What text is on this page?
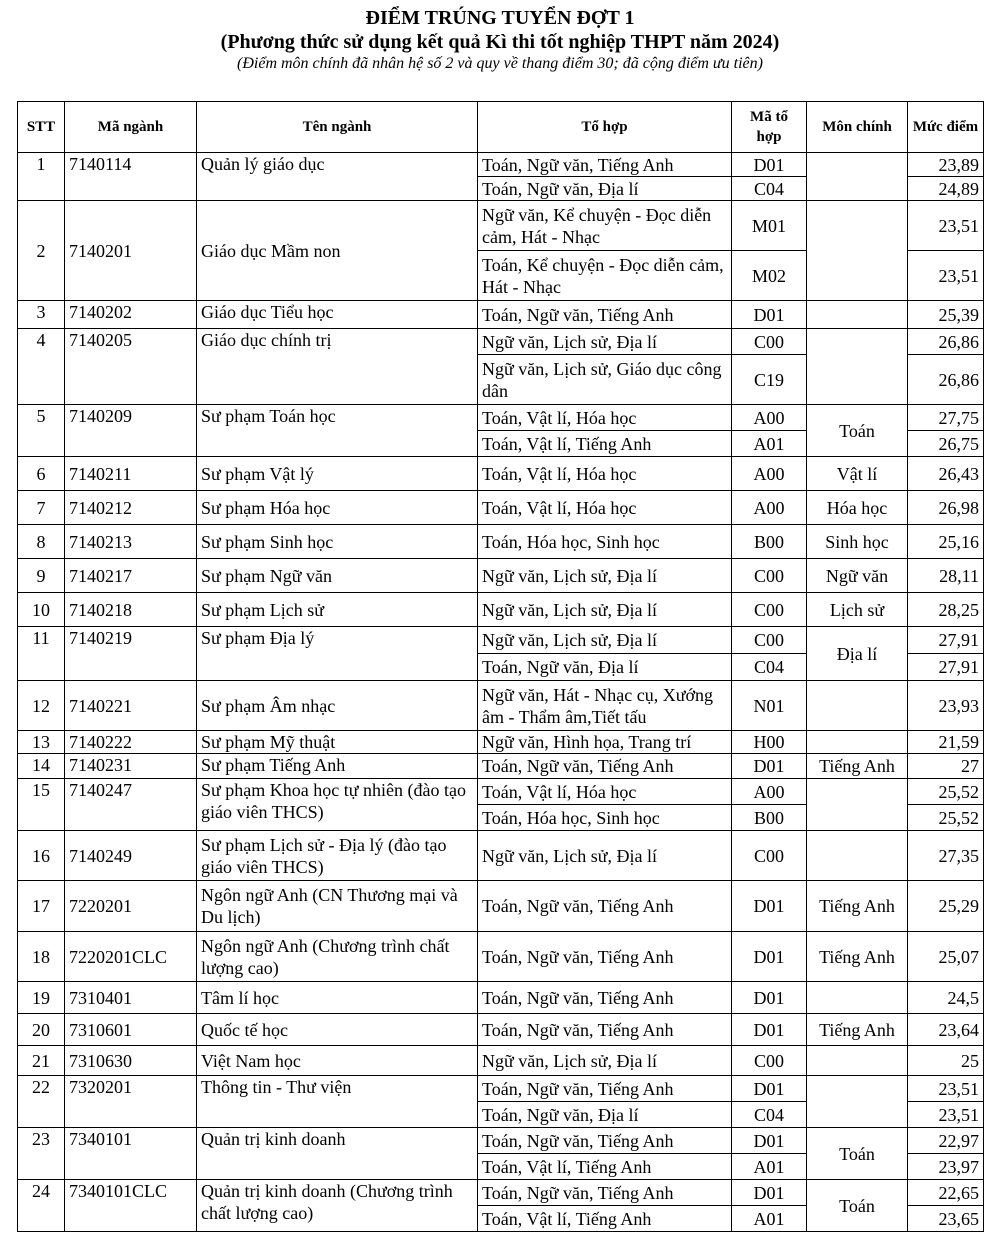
ĐIỂM TRÚNG TUYỂN ĐỢT 1
(Phương thức sử dụng kết quả Kì thi tốt nghiệp THPT năm 2024)
(Điểm môn chính đã nhân hệ số 2 và quy về thang điểm 30; đã cộng điểm ưu tiên)
STT	Mã ngành	Tên ngành	Tổ hợp	Mã tổ hợp	Môn chính	Mức điểm
1	7140114	Quản lý giáo dục	Toán, Ngữ văn, Tiếng Anh	D01		23,89
			Toán, Ngữ văn, Địa lí	C04		24,89
2	7140201	Giáo dục Mầm non	Ngữ văn, Kể chuyện - Đọc diễn cảm, Hát - Nhạc	M01		23,51
			Toán, Kể chuyện - Đọc diễn cảm, Hát - Nhạc	M02		23,51
3	7140202	Giáo dục Tiểu học	Toán, Ngữ văn, Tiếng Anh	D01		25,39
4	7140205	Giáo dục chính trị	Ngữ văn, Lịch sử, Địa lí	C00		26,86
			Ngữ văn, Lịch sử, Giáo dục công dân	C19		26,86
5	7140209	Sư phạm Toán học	Toán, Vật lí, Hóa học	A00	Toán	27,75
			Toán, Vật lí, Tiếng Anh	A01		26,75
6	7140211	Sư phạm Vật lý	Toán, Vật lí, Hóa học	A00	Vật lí	26,43
7	7140212	Sư phạm Hóa học	Toán, Vật lí, Hóa học	A00	Hóa học	26,98
8	7140213	Sư phạm Sinh học	Toán, Hóa học, Sinh học	B00	Sinh học	25,16
9	7140217	Sư phạm Ngữ văn	Ngữ văn, Lịch sử, Địa lí	C00	Ngữ văn	28,11
10	7140218	Sư phạm Lịch sử	Ngữ văn, Lịch sử, Địa lí	C00	Lịch sử	28,25
11	7140219	Sư phạm Địa lý	Ngữ văn, Lịch sử, Địa lí	C00	Địa lí	27,91
			Toán, Ngữ văn, Địa lí	C04		27,91
12	7140221	Sư phạm Âm nhạc	Ngữ văn, Hát - Nhạc cụ, Xướng âm - Thẩm âm,Tiết tấu	N01		23,93
13	7140222	Sư phạm Mỹ thuật	Ngữ văn, Hình họa, Trang trí	H00		21,59
14	7140231	Sư phạm Tiếng Anh	Toán, Ngữ văn, Tiếng Anh	D01	Tiếng Anh	27
15	7140247	Sư phạm Khoa học tự nhiên (đào tạo giáo viên THCS)	Toán, Vật lí, Hóa học	A00		25,52
			Toán, Hóa học, Sinh học	B00		25,52
16	7140249	Sư phạm Lịch sử - Địa lý (đào tạo giáo viên THCS)	Ngữ văn, Lịch sử, Địa lí	C00		27,35
17	7220201	Ngôn ngữ Anh (CN Thương mại và Du lịch)	Toán, Ngữ văn, Tiếng Anh	D01	Tiếng Anh	25,29
18	7220201CLC	Ngôn ngữ Anh (Chương trình chất lượng cao)	Toán, Ngữ văn, Tiếng Anh	D01	Tiếng Anh	25,07
19	7310401	Tâm lí học	Toán, Ngữ văn, Tiếng Anh	D01		24,5
20	7310601	Quốc tế học	Toán, Ngữ văn, Tiếng Anh	D01	Tiếng Anh	23,64
21	7310630	Việt Nam học	Ngữ văn, Lịch sử, Địa lí	C00		25
22	7320201	Thông tin - Thư viện	Toán, Ngữ văn, Tiếng Anh	D01		23,51
			Toán, Ngữ văn, Địa lí	C04		23,51
23	7340101	Quản trị kinh doanh	Toán, Ngữ văn, Tiếng Anh	D01	Toán	22,97
			Toán, Vật lí, Tiếng Anh	A01		23,97
24	7340101CLC	Quản trị kinh doanh (Chương trình chất lượng cao)	Toán, Ngữ văn, Tiếng Anh	D01	Toán	22,65
			Toán, Vật lí, Tiếng Anh	A01		23,65
